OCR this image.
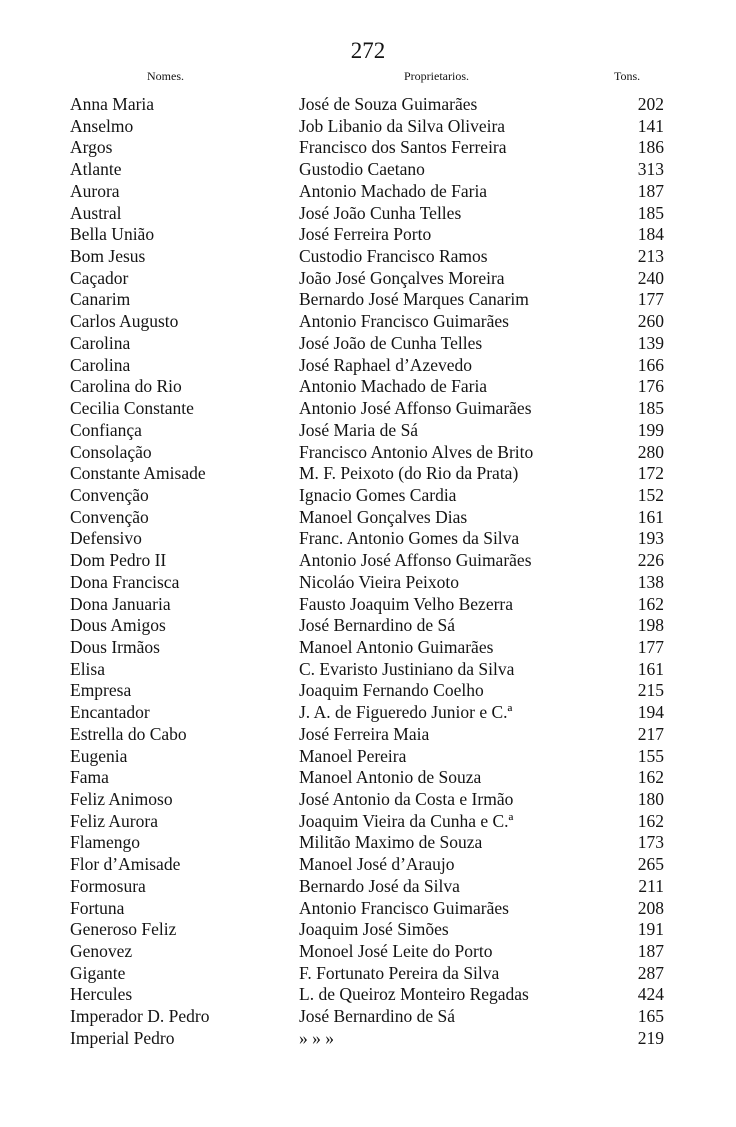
272
Nomes.	Proprietarios.	Tons.
Anna Maria	José de Souza Guimarães	202
Anselmo	Job Libanio da Silva Oliveira	141
Argos	Francisco dos Santos Ferreira	186
Atlante	Gustodio Caetano	313
Aurora	Antonio Machado de Faria	187
Austral	José João Cunha Telles	185
Bella União	José Ferreira Porto	184
Bom Jesus	Custodio Francisco Ramos	213
Caçador	João José Gonçalves Moreira	240
Canarim	Bernardo José Marques Canarim	177
Carlos Augusto	Antonio Francisco Guimarães	260
Carolina	José João de Cunha Telles	139
Carolina	José Raphael d’Azevedo	166
Carolina do Rio	Antonio Machado de Faria	176
Cecilia Constante	Antonio José Affonso Guimarães	185
Confiança	José Maria de Sá	199
Consolação	Francisco Antonio Alves de Brito	280
Constante Amisade	M. F. Peixoto (do Rio da Prata)	172
Convenção	Ignacio Gomes Cardia	152
Convenção	Manoel Gonçalves Dias	161
Defensivo	Franc. Antonio Gomes da Silva	193
Dom Pedro II	Antonio José Affonso Guimarães	226
Dona Francisca	Nicoláo Vieira Peixoto	138
Dona Januaria	Fausto Joaquim Velho Bezerra	162
Dous Amigos	José Bernardino de Sá	198
Dous Irmãos	Manoel Antonio Guimarães	177
Elisa	C. Evaristo Justiniano da Silva	161
Empresa	Joaquim Fernando Coelho	215
Encantador	J. A. de Figueredo Junior e C.ª	194
Estrella do Cabo	José Ferreira Maia	217
Eugenia	Manoel Pereira	155
Fama	Manoel Antonio de Souza	162
Feliz Animoso	José Antonio da Costa e Irmão	180
Feliz Aurora	Joaquim Vieira da Cunha e C.ª	162
Flamengo	Militão Maximo de Souza	173
Flor d’Amisade	Manoel José d’Araujo	265
Formosura	Bernardo José da Silva	211
Fortuna	Antonio Francisco Guimarães	208
Generoso Feliz	Joaquim José Simões	191
Genovez	Monoel José Leite do Porto	187
Gigante	F. Fortunato Pereira da Silva	287
Hercules	L. de Queiroz Monteiro Regadas	424
Imperador D. Pedro	José Bernardino de Sá	165
Imperial Pedro	» » »	219
